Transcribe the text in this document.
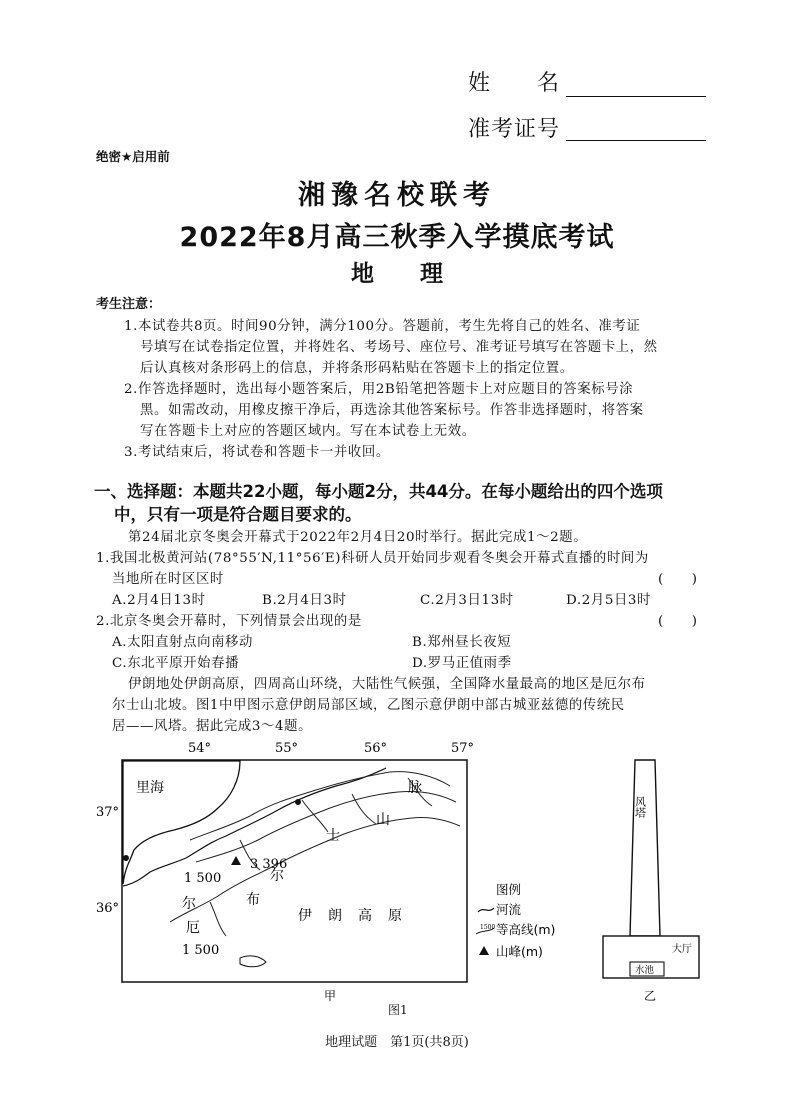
姓　　名
准考证号
绝密★启用前
湘豫名校联考
2022年8月高三秋季入学摸底考试
地　　理
考生注意：
1.本试卷共8页。时间90分钟，满分100分。答题前，考生先将自己的姓名、准考证
号填写在试卷指定位置，并将姓名、考场号、座位号、准考证号填写在答题卡上，然
后认真核对条形码上的信息，并将条形码粘贴在答题卡上的指定位置。
2.作答选择题时，选出每小题答案后，用2B铅笔把答题卡上对应题目的答案标号涂
黑。如需改动，用橡皮擦干净后，再选涂其他答案标号。作答非选择题时，将答案
写在答题卡上对应的答题区域内。写在本试卷上无效。
3.考试结束后，将试卷和答题卡一并收回。
一、选择题：本题共22小题，每小题2分，共44分。在每小题给出的四个选项
中，只有一项是符合题目要求的。
第24届北京冬奥会开幕式于2022年2月4日20时举行。据此完成1～2题。
1.我国北极黄河站(78°55′N,11°56′E)科研人员开始同步观看冬奥会开幕式直播的时间为
当地所在时区区时	(　　)
A.2月4日13时	B.2月4日3时	C.2月3日13时	D.2月5日3时
2.北京冬奥会开幕时，下列情景会出现的是	(　　)
A.太阳直射点向南移动	B.郑州昼长夜短
C.东北平原开始春播	D.罗马正值雨季
伊朗地处伊朗高原，四周高山环绕，大陆性气候强，全国降水量最高的地区是厄尔布
尔士山北坡。图1中甲图示意伊朗局部区域，乙图示意伊朗中部古城亚兹德的传统民
居——风塔。据此完成3～4题。
54°	55°	56°	57°
37°
36°
里海
1 500
尔
厄
1 500
布
尔
士
山
脉
3 396
伊　朗　高　原
甲
图例
河流
1500 等高线(m)
山峰(m)
风塔
大厅
水池
乙
图1
地理试题　第1页(共8页)
